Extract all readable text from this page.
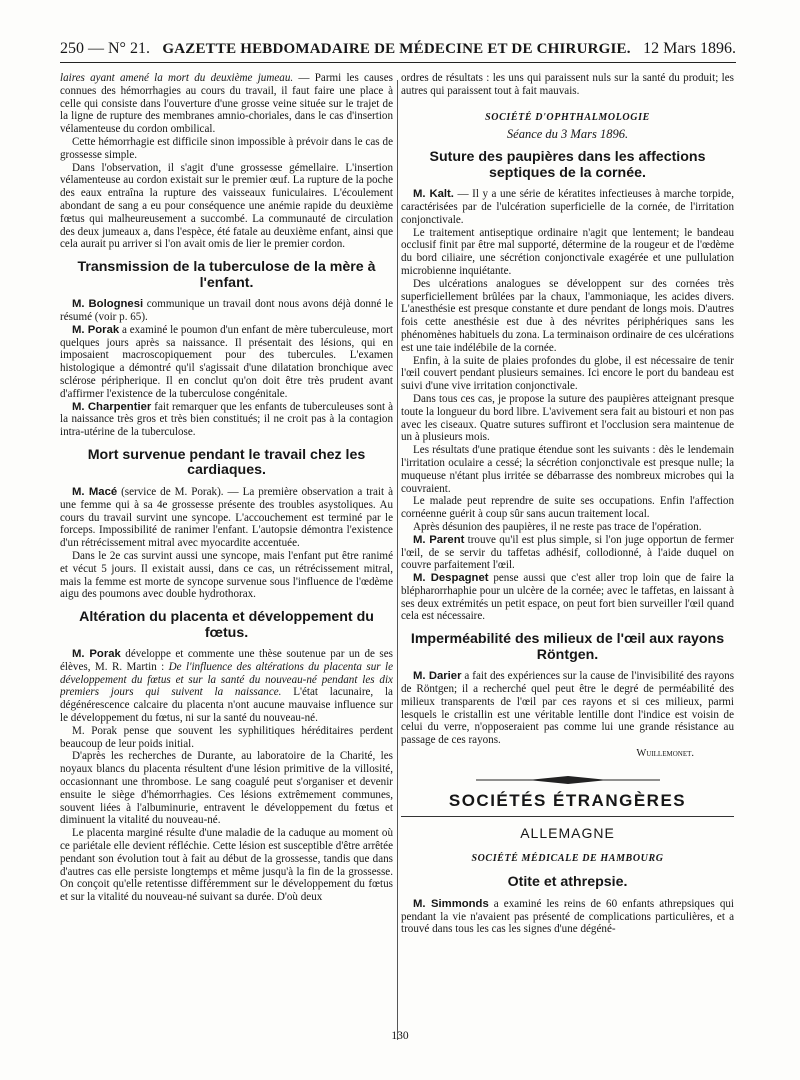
250 — N° 21. GAZETTE HEBDOMADAIRE DE MÉDECINE ET DE CHIRURGIE. 12 Mars 1896.

laires ayant amené la mort du deuxième jumeau. — Parmi les causes connues des hémorrhagies au cours du travail, il faut faire une place à celle qui consiste dans l'ouverture d'une grosse veine située sur le trajet de la ligne de rupture des membranes amnio-choriales, dans le cas d'insertion vélamenteuse du cordon ombilical.

Cette hémorrhagie est difficile sinon impossible à prévoir dans le cas de grossesse simple.

Dans l'observation, il s'agit d'une grossesse gémellaire. L'insertion vélamenteuse au cordon existait sur le premier œuf. La rupture de la poche des eaux entraîna la rupture des vaisseaux funiculaires. L'écoulement abondant de sang a eu pour conséquence une anémie rapide du deuxième fœtus qui malheureusement a succombé. La communauté de circulation des deux jumeaux a, dans l'espèce, été fatale au deuxième enfant, ainsi que cela aurait pu arriver si l'on avait omis de lier le premier cordon.

Transmission de la tuberculose de la mère à l'enfant.

M. Bolognesi communique un travail dont nous avons déjà donné le résumé (voir p. 65).

M. Porak a examiné le poumon d'un enfant de mère tuberculeuse, mort quelques jours après sa naissance. Il présentait des lésions, qui en imposaient macroscopiquement pour des tubercules. L'examen histologique a démontré qu'il s'agissait d'une dilatation bronchique avec sclérose péripherique. Il en conclut qu'on doit être très prudent avant d'affirmer l'existence de la tuberculose congénitale.

M. Charpentier fait remarquer que les enfants de tuberculeuses sont à la naissance très gros et très bien constitués; il ne croit pas à la contagion intra-utérine de la tuberculose.

Mort survenue pendant le travail chez les cardiaques.

M. Macé (service de M. Porak). — La première observation a trait à une femme qui à sa 4e grossesse présente des troubles asystoliques. Au cours du travail survint une syncope. L'accouchement est terminé par le forceps. Impossibilité de ranimer l'enfant. L'autopsie démontra l'existence d'un rétrécissement mitral avec myocardite accentuée.

Dans le 2e cas survint aussi une syncope, mais l'enfant put être ranimé et vécut 5 jours. Il existait aussi, dans ce cas, un rétrécissement mitral, mais la femme est morte de syncope survenue sous l'influence de l'œdème aigu des poumons avec double hydrothorax.

Altération du placenta et développement du fœtus.

M. Porak développe et commente une thèse soutenue par un de ses élèves, M. R. Martin : De l'influence des altérations du placenta sur le développement du fœtus et sur la santé du nouveau-né pendant les dix premiers jours qui suivent la naissance. L'état lacunaire, la dégénérescence calcaire du placenta n'ont aucune mauvaise influence sur le développement du fœtus, ni sur la santé du nouveau-né.

M. Porak pense que souvent les syphilitiques héréditaires perdent beaucoup de leur poids initial.

D'après les recherches de Durante, au laboratoire de la Charité, les noyaux blancs du placenta résultent d'une lésion primitive de la villosité, occasionnant une thrombose. Le sang coagulé peut s'organiser et devenir ensuite le siège d'hémorrhagies. Ces lésions extrêmement communes, souvent liées à l'albuminurie, entravent le développement du fœtus et diminuent la vitalité du nouveau-né.

Le placenta marginé résulte d'une maladie de la caduque au moment où ce pariétale elle devient réfléchie. Cette lésion est susceptible d'être arrêtée pendant son évolution tout à fait au début de la grossesse, tandis que dans d'autres cas elle persiste longtemps et même jusqu'à la fin de la grossesse. On conçoit qu'elle retentisse différemment sur le développement du fœtus et sur la vitalité du nouveau-né suivant sa durée. D'où deux

ordres de résultats : les uns qui paraissent nuls sur la santé du produit; les autres qui paraissent tout à fait mauvais.

SOCIÉTÉ D'OPHTHALMOLOGIE
Séance du 3 Mars 1896.
Suture des paupières dans les affections septiques de la cornée.

M. Kalt. — Il y a une série de kératites infectieuses à marche torpide, caractérisées par de l'ulcération superficielle de la cornée, de l'irritation conjonctivale.

Le traitement antiseptique ordinaire n'agit que lentement; le bandeau occlusif finit par être mal supporté, détermine de la rougeur et de l'œdème du bord ciliaire, une sécrétion conjonctivale exagérée et une pullulation microbienne inquiétante.

Des ulcérations analogues se développent sur des cornées très superficiellement brûlées par la chaux, l'ammoniaque, les acides divers. L'anesthésie est presque constante et dure pendant de longs mois. D'autres fois cette anesthésie est due à des névrites périphériques sans les phénomènes habituels du zona. La terminaison ordinaire de ces ulcérations est une taie indélébile de la cornée.

Enfin, à la suite de plaies profondes du globe, il est nécessaire de tenir l'œil couvert pendant plusieurs semaines. Ici encore le port du bandeau est suivi d'une vive irritation conjonctivale.

Dans tous ces cas, je propose la suture des paupières atteignant presque toute la longueur du bord libre. L'avivement sera fait au bistouri et non pas avec les ciseaux. Quatre sutures suffiront et l'occlusion sera maintenue de un à plusieurs mois.

Les résultats d'une pratique étendue sont les suivants : dès le lendemain l'irritation oculaire a cessé; la sécrétion conjonctivale est presque nulle; la muqueuse n'étant plus irritée se débarrasse des nombreux microbes qui la couvraient.

Le malade peut reprendre de suite ses occupations. Enfin l'affection cornéenne guérit à coup sûr sans aucun traitement local.

Après désunion des paupières, il ne reste pas trace de l'opération.

M. Parent trouve qu'il est plus simple, si l'on juge opportun de fermer l'œil, de se servir du taffetas adhésif, collodionné, à l'aide duquel on couvre parfaitement l'œil.

M. Despagnet pense aussi que c'est aller trop loin que de faire la blépharorrhaphie pour un ulcère de la cornée; avec le taffetas, en laissant à ses deux extrémités un petit espace, on peut fort bien surveiller l'œil quand cela est nécessaire.

Imperméabilité des milieux de l'œil aux rayons Röntgen.

M. Darier a fait des expériences sur la cause de l'invisibilité des rayons de Röntgen; il a recherché quel peut être le degré de perméabilité des milieux transparents de l'œil par ces rayons et si ces milieux, parmi lesquels le cristallin est une véritable lentille dont l'indice est voisin de celui du verre, n'opposeraient pas comme lui une grande résistance au passage de ces rayons.

Wuillemonet.
SOCIÉTÉS ÉTRANGÈRES
ALLEMAGNE
SOCIÉTÉ MÉDICALE DE HAMBOURG
Otite et athrepsie.

M. Simmonds a examiné les reins de 60 enfants athrepsiques qui pendant la vie n'avaient pas présenté de complications particulières, et a trouvé dans tous les cas les signes d'une dégéné-

130
